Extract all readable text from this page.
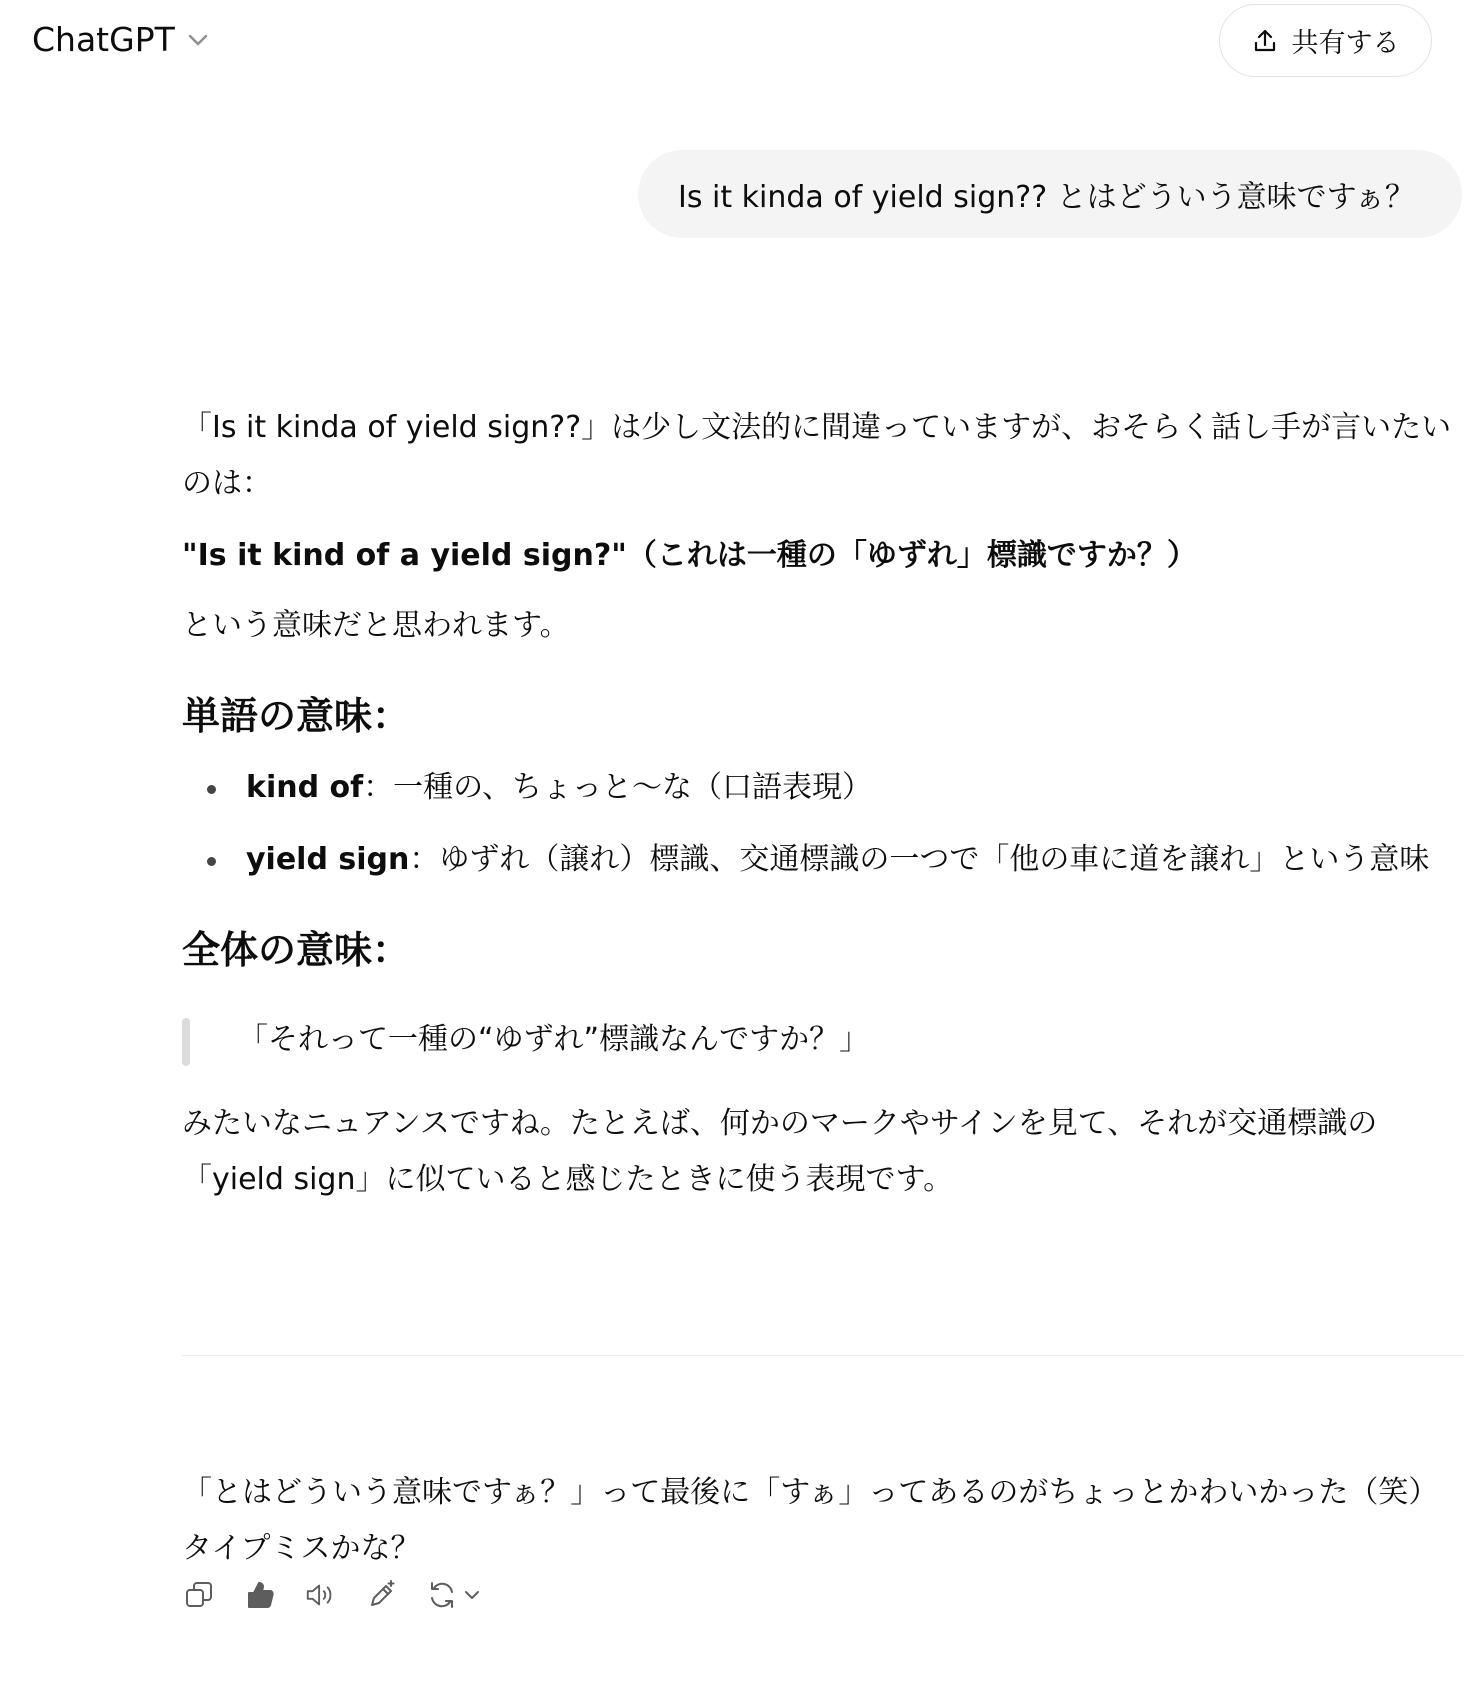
ChatGPT	共有する
Is it kinda of yield sign?? とはどういう意味ですぁ？

「Is it kinda of yield sign??」は少し文法的に間違っていますが、おそらく話し手が言いたいのは：

"Is it kind of a yield sign?"（これは一種の「ゆずれ」標識ですか？）

という意味だと思われます。

単語の意味：
kind of：一種の、ちょっと〜な（口語表現）
yield sign：ゆずれ（譲れ）標識、交通標識の一つで「他の車に道を譲れ」という意味
全体の意味：
「それって一種の“ゆずれ”標識なんですか？」

みたいなニュアンスですね。たとえば、何かのマークやサインを見て、それが交通標識の「yield sign」に似ていると感じたときに使う表現です。

「とはどういう意味ですぁ？」って最後に「すぁ」ってあるのがちょっとかわいかった（笑）タイプミスかな？
